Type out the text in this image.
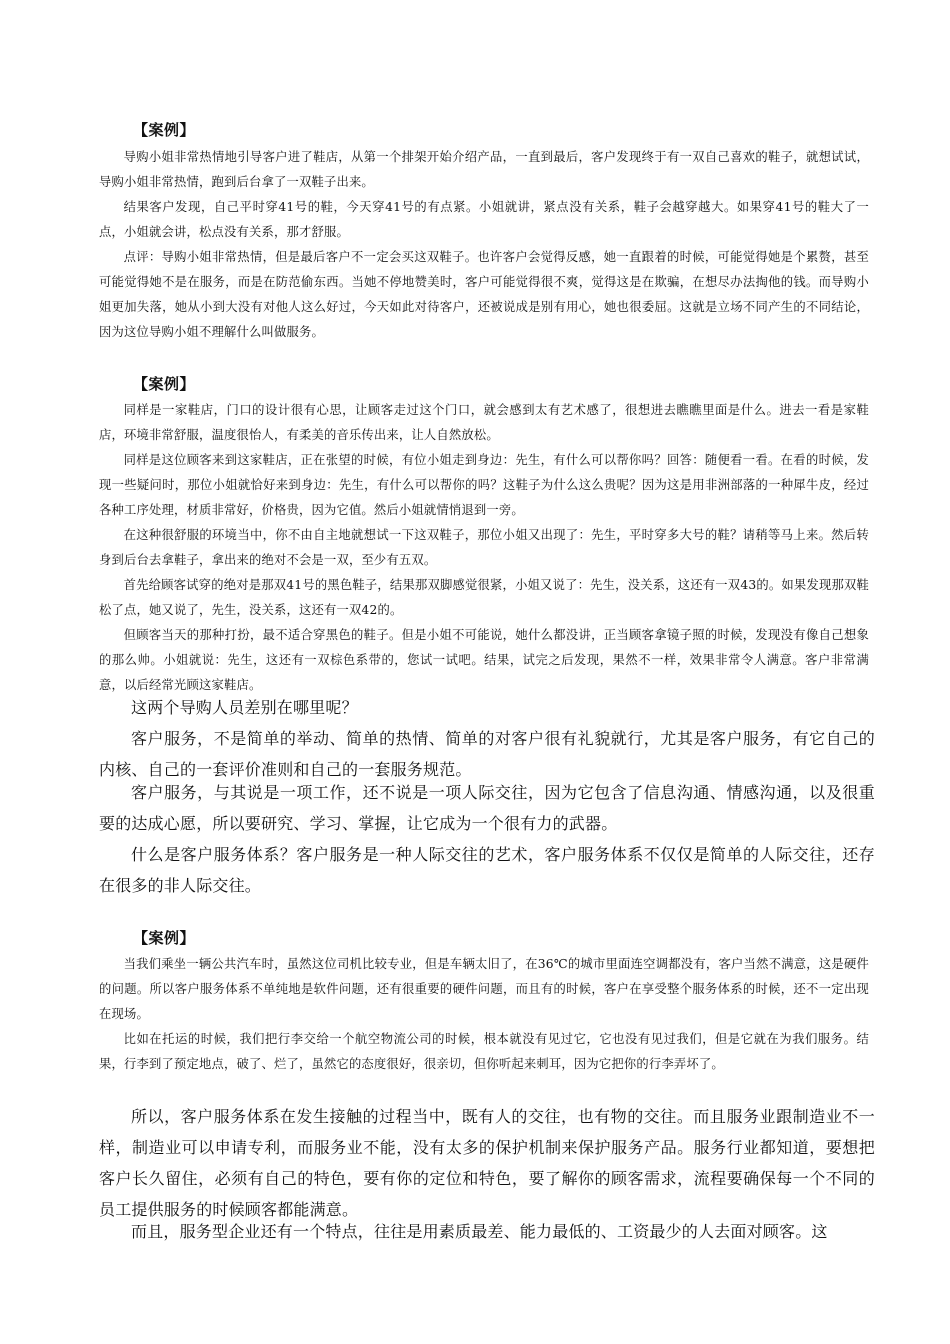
【案例】

导购小姐非常热情地引导客户进了鞋店，从第一个排架开始介绍产品，一直到最后，客户发现终于有一双自己喜欢的鞋子，就想试试，导购小姐非常热情，跑到后台拿了一双鞋子出来。

结果客户发现，自己平时穿41号的鞋，今天穿41号的有点紧。小姐就讲，紧点没有关系，鞋子会越穿越大。如果穿41号的鞋大了一点，小姐就会讲，松点没有关系，那才舒服。

点评：导购小姐非常热情，但是最后客户不一定会买这双鞋子。也许客户会觉得反感，她一直跟着的时候，可能觉得她是个累赘，甚至可能觉得她不是在服务，而是在防范偷东西。当她不停地赞美时，客户可能觉得很不爽，觉得这是在欺骗，在想尽办法掏他的钱。而导购小姐更加失落，她从小到大没有对他人这么好过，今天如此对待客户，还被说成是别有用心，她也很委屈。这就是立场不同产生的不同结论，因为这位导购小姐不理解什么叫做服务。

【案例】

同样是一家鞋店，门口的设计很有心思，让顾客走过这个门口，就会感到太有艺术感了，很想进去瞧瞧里面是什么。进去一看是家鞋店，环境非常舒服，温度很怡人，有柔美的音乐传出来，让人自然放松。

同样是这位顾客来到这家鞋店，正在张望的时候，有位小姐走到身边：先生，有什么可以帮你吗？回答：随便看一看。在看的时候，发现一些疑问时，那位小姐就恰好来到身边：先生，有什么可以帮你的吗？这鞋子为什么这么贵呢？因为这是用非洲部落的一种犀牛皮，经过各种工序处理，材质非常好，价格贵，因为它值。然后小姐就情悄退到一旁。

在这种很舒服的环境当中，你不由自主地就想试一下这双鞋子，那位小姐又出现了：先生，平时穿多大号的鞋？请稍等马上来。然后转身到后台去拿鞋子，拿出来的绝对不会是一双，至少有五双。

首先给顾客试穿的绝对是那双41号的黑色鞋子，结果那双脚感觉很紧，小姐又说了：先生，没关系，这还有一双43的。如果发现那双鞋松了点，她又说了，先生，没关系，这还有一双42的。

但顾客当天的那种打扮，最不适合穿黑色的鞋子。但是小姐不可能说，她什么都没讲，正当顾客拿镜子照的时候，发现没有像自己想象的那么帅。小姐就说：先生，这还有一双棕色系带的，您试一试吧。结果，试完之后发现，果然不一样，效果非常令人满意。客户非常满意，以后经常光顾这家鞋店。

这两个导购人员差别在哪里呢？

客户服务，不是简单的举动、简单的热情、简单的对客户很有礼貌就行，尤其是客户服务，有它自己的内核、自己的一套评价准则和自己的一套服务规范。

客户服务，与其说是一项工作，还不说是一项人际交往，因为它包含了信息沟通、情感沟通，以及很重要的达成心愿，所以要研究、学习、掌握，让它成为一个很有力的武器。

什么是客户服务体系？客户服务是一种人际交往的艺术，客户服务体系不仅仅是简单的人际交往，还存在很多的非人际交往。

【案例】

当我们乘坐一辆公共汽车时，虽然这位司机比较专业，但是车辆太旧了，在36℃的城市里面连空调都没有，客户当然不满意，这是硬件的问题。所以客户服务体系不单纯地是软件问题，还有很重要的硬件问题，而且有的时候，客户在享受整个服务体系的时候，还不一定出现在现场。

比如在托运的时候，我们把行李交给一个航空物流公司的时候，根本就没有见过它，它也没有见过我们，但是它就在为我们服务。结果，行李到了预定地点，破了、烂了，虽然它的态度很好，很亲切，但你听起来刺耳，因为它把你的行李弄坏了。

所以，客户服务体系在发生接触的过程当中，既有人的交往，也有物的交往。而且服务业跟制造业不一样，制造业可以申请专利，而服务业不能，没有太多的保护机制来保护服务产品。服务行业都知道，要想把客户长久留住，必须有自己的特色，要有你的定位和特色，要了解你的顾客需求，流程要确保每一个不同的员工提供服务的时候顾客都能满意。

而且，服务型企业还有一个特点，往往是用素质最差、能力最低的、工资最少的人去面对顾客。这
